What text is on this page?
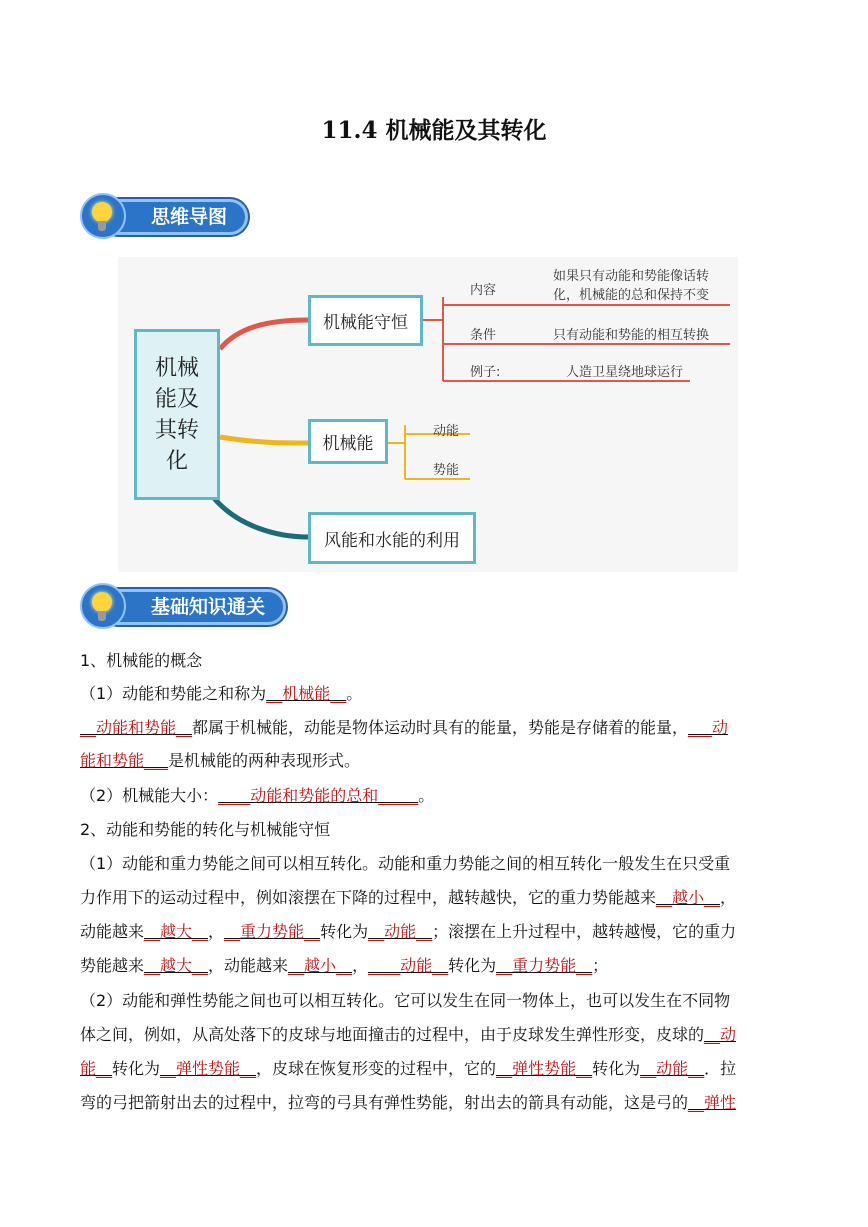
11.4 机械能及其转化
思维导图
机械
能及
其转
化
机械能守恒
机械能
风能和水能的利用
内容
如果只有动能和势能像话转
化，机械能的总和保持不变
条件	只有动能和势能的相互转换
例子:	人造卫星绕地球运行
动能
势能
基础知识通关
1、机械能的概念
（1）动能和势能之和称为__机械能__。
__动能和势能__都属于机械能，动能是物体运动时具有的能量，势能是存储着的能量，___动
能和势能___是机械能的两种表现形式。
（2）机械能大小：____动能和势能的总和_____。
2、动能和势能的转化与机械能守恒
（1）动能和重力势能之间可以相互转化。动能和重力势能之间的相互转化一般发生在只受重
力作用下的运动过程中，例如滚摆在下降的过程中，越转越快，它的重力势能越来__越小__，
动能越来__越大__，__重力势能__转化为__动能__；滚摆在上升过程中，越转越慢，它的重力
势能越来__越大__，动能越来__越小__，____动能__转化为__重力势能__；
（2）动能和弹性势能之间也可以相互转化。它可以发生在同一物体上，也可以发生在不同物
体之间，例如，从高处落下的皮球与地面撞击的过程中，由于皮球发生弹性形变，皮球的__动
能__转化为__弹性势能__，皮球在恢复形变的过程中，它的__弹性势能__转化为__动能__．拉
弯的弓把箭射出去的过程中，拉弯的弓具有弹性势能，射出去的箭具有动能，这是弓的__弹性
